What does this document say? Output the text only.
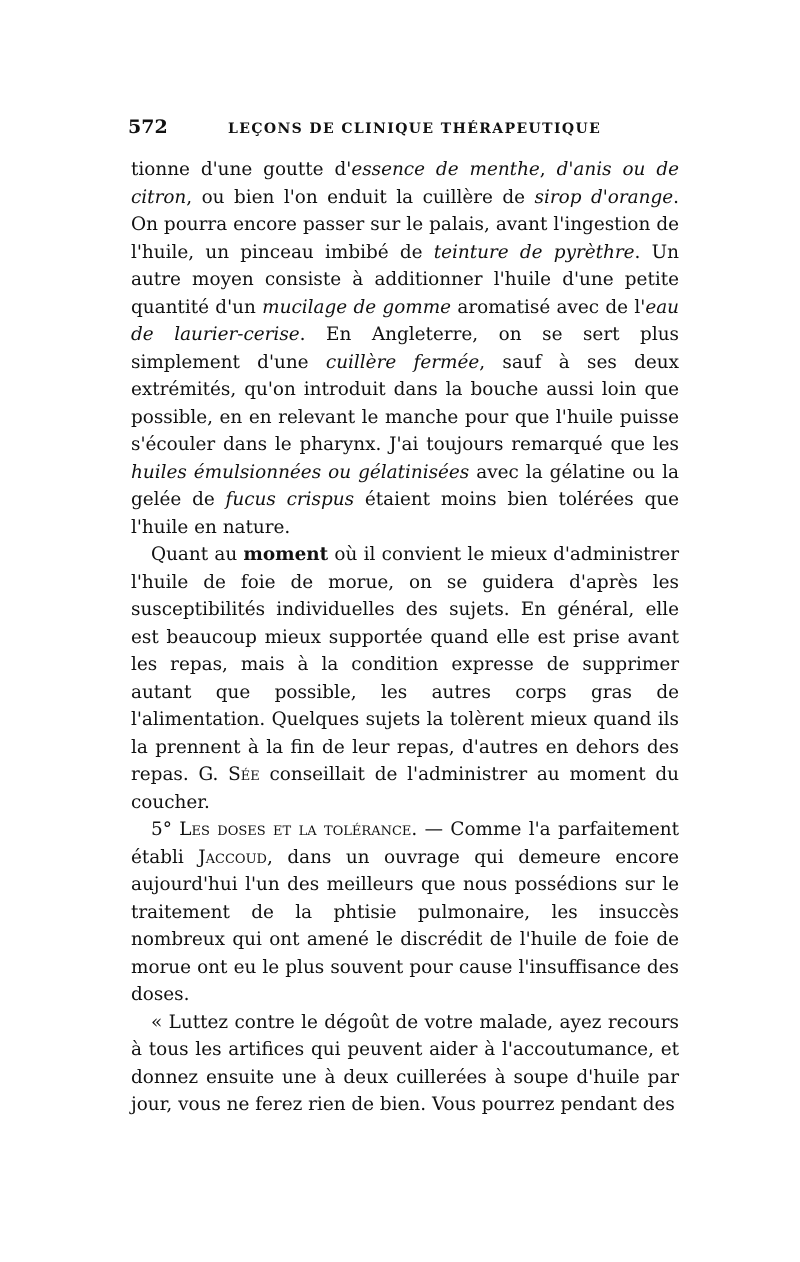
572	LEÇONS DE CLINIQUE THÉRAPEUTIQUE

tionne d'une goutte d'essence de menthe, d'anis ou de citron, ou bien l'on enduit la cuillère de sirop d'orange. On pourra encore passer sur le palais, avant l'ingestion de l'huile, un pinceau imbibé de teinture de pyrèthre. Un autre moyen consiste à additionner l'huile d'une petite quantité d'un mucilage de gomme aromatisé avec de l'eau de laurier-cerise. En Angleterre, on se sert plus simplement d'une cuillère fermée, sauf à ses deux extrémités, qu'on introduit dans la bouche aussi loin que possible, en en relevant le manche pour que l'huile puisse s'écouler dans le pharynx. J'ai toujours remarqué que les huiles émulsionnées ou gélatinisées avec la gélatine ou la gelée de fucus crispus étaient moins bien tolérées que l'huile en nature.

Quant au moment où il convient le mieux d'administrer l'huile de foie de morue, on se guidera d'après les susceptibilités individuelles des sujets. En général, elle est beaucoup mieux supportée quand elle est prise avant les repas, mais à la condition expresse de supprimer autant que possible, les autres corps gras de l'alimentation. Quelques sujets la tolèrent mieux quand ils la prennent à la fin de leur repas, d'autres en dehors des repas. G. Sée conseillait de l'administrer au moment du coucher.

5° Les doses et la tolérance. — Comme l'a parfaitement établi Jaccoud, dans un ouvrage qui demeure encore aujourd'hui l'un des meilleurs que nous possédions sur le traitement de la phtisie pulmonaire, les insuccès nombreux qui ont amené le discrédit de l'huile de foie de morue ont eu le plus souvent pour cause l'insuffisance des doses.

« Luttez contre le dégoût de votre malade, ayez recours à tous les artifices qui peuvent aider à l'accoutumance, et donnez ensuite une à deux cuillerées à soupe d'huile par jour, vous ne ferez rien de bien. Vous pourrez pendant des
